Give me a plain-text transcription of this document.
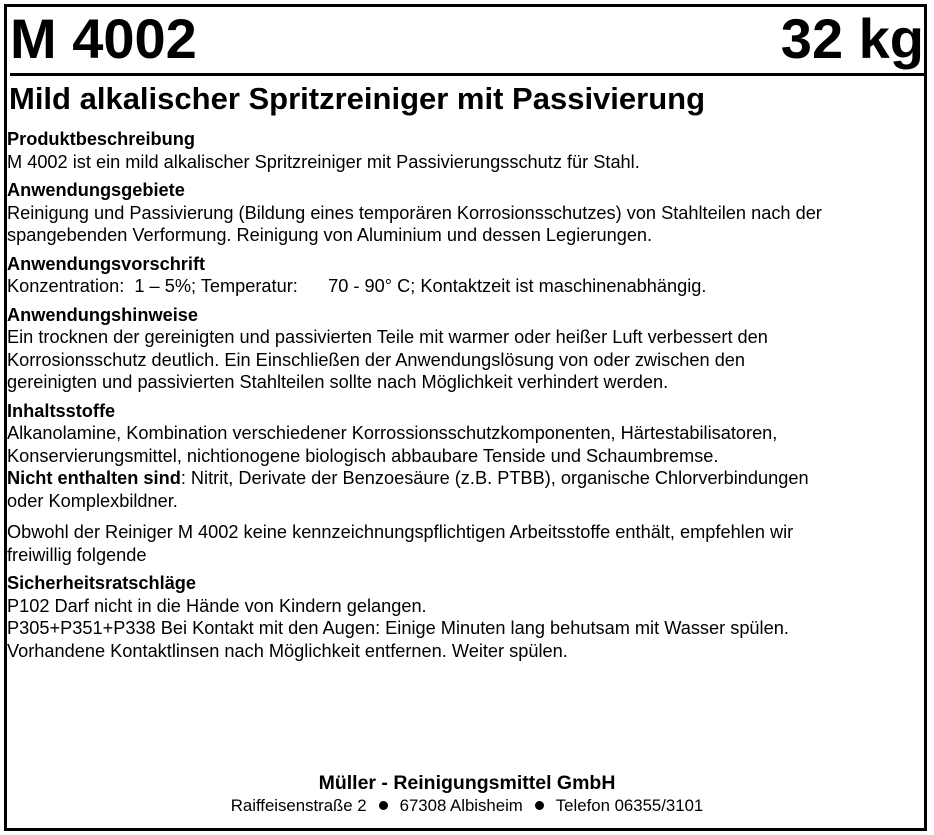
M 4002	32 kg
Mild alkalischer Spritzreiniger mit Passivierung
Produktbeschreibung
M 4002 ist ein mild alkalischer Spritzreiniger mit Passivierungsschutz für Stahl.
Anwendungsgebiete
Reinigung und Passivierung (Bildung eines temporären Korrosionsschutzes) von Stahlteilen nach der
spangebenden Verformung. Reinigung von Aluminium und dessen Legierungen.
Anwendungsvorschrift
Konzentration:  1 – 5%; Temperatur:      70 - 90° C; Kontaktzeit ist maschinenabhängig.
Anwendungshinweise
Ein trocknen der gereinigten und passivierten Teile mit warmer oder heißer Luft verbessert den
Korrosionsschutz deutlich. Ein Einschließen der Anwendungslösung von oder zwischen den
gereinigten und passivierten Stahlteilen sollte nach Möglichkeit verhindert werden.
Inhaltsstoffe
Alkanolamine, Kombination verschiedener Korrossionsschutzkomponenten, Härtestabilisatoren,
Konservierungsmittel, nichtionogene biologisch abbaubare Tenside und Schaumbremse.
Nicht enthalten sind: Nitrit, Derivate der Benzoesäure (z.B. PTBB), organische Chlorverbindungen
oder Komplexbildner.
Obwohl der Reiniger M 4002 keine kennzeichnungspflichtigen Arbeitsstoffe enthält, empfehlen wir
freiwillig folgende
Sicherheitsratschläge
P102 Darf nicht in die Hände von Kindern gelangen.
P305+P351+P338 Bei Kontakt mit den Augen: Einige Minuten lang behutsam mit Wasser spülen.
Vorhandene Kontaktlinsen nach Möglichkeit entfernen. Weiter spülen.
Müller - Reinigungsmittel GmbH
Raiffeisenstraße 2 67308 Albisheim Telefon 06355/3101
